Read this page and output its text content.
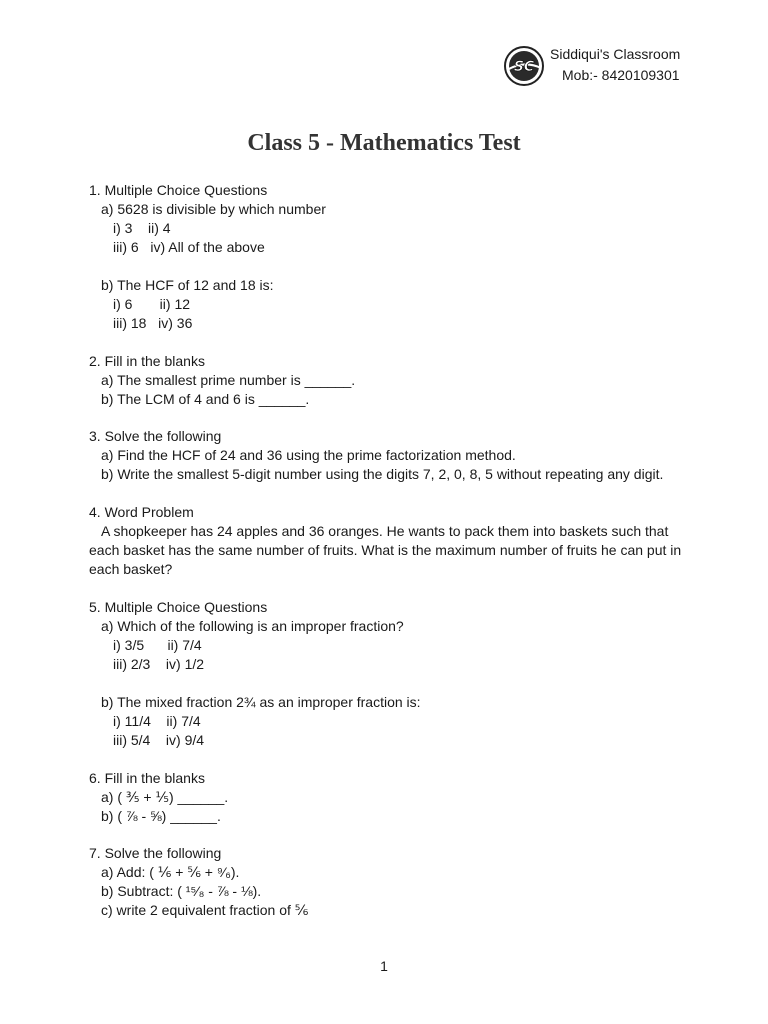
SC
Siddiqui's Classroom
Mob:- 8420109301
Class 5 - Mathematics Test
1. Multiple Choice Questions
a) 5628 is divisible by which number
i) 3    ii) 4
iii) 6   iv) All of the above
b) The HCF of 12 and 18 is:
i) 6       ii) 12
iii) 18   iv) 36
2. Fill in the blanks
a) The smallest prime number is ______.
b) The LCM of 4 and 6 is ______.
3. Solve the following
a) Find the HCF of 24 and 36 using the prime factorization method.
b) Write the smallest 5-digit number using the digits 7, 2, 0, 8, 5 without repeating any digit.
4. Word Problem
A shopkeeper has 24 apples and 36 oranges. He wants to pack them into baskets such that
each basket has the same number of fruits. What is the maximum number of fruits he can put in
each basket?
5. Multiple Choice Questions
a) Which of the following is an improper fraction?
i) 3/5      ii) 7/4
iii) 2/3    iv) 1/2
b) The mixed fraction 2¾ as an improper fraction is:
i) 11/4    ii) 7/4
iii) 5/4    iv) 9/4
6. Fill in the blanks
a) ( ⅗ + ⅕) ______.
b) ( ⅞ - ⅝) ______.
7. Solve the following
a) Add: ( ⅙ + ⅚ + ⁹⁄₆).
b) Subtract: ( ¹⁵⁄₈ - ⅞ - ⅛).
c) write 2 equivalent fraction of ⅚
1
